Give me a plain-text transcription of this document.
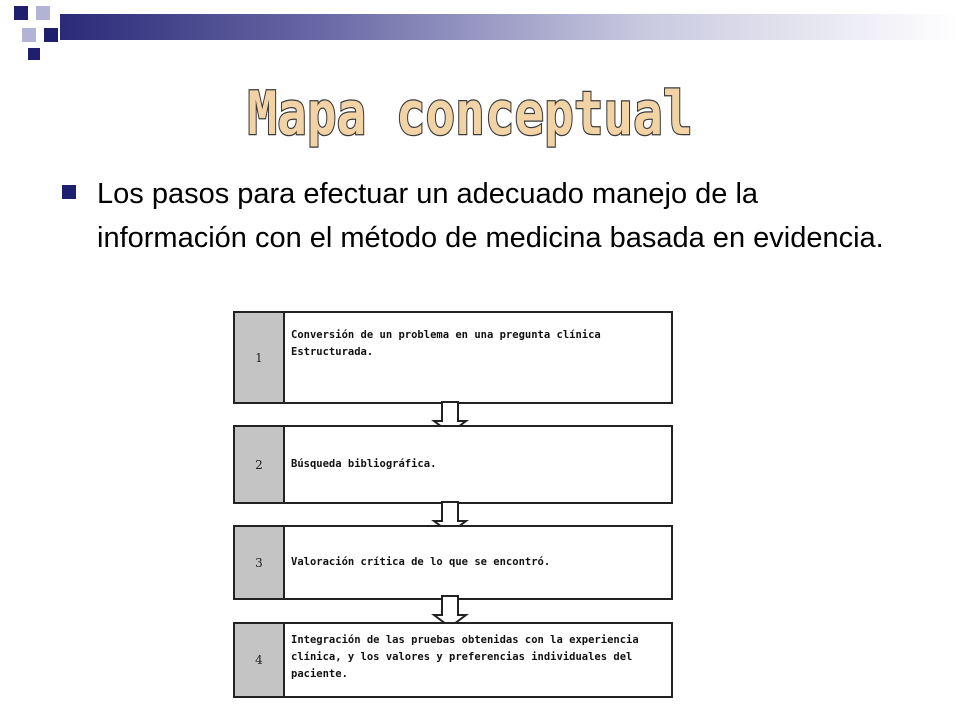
Mapa conceptual
Los pasos para efectuar un adecuado manejo de la información con el método de medicina basada en evidencia.
1
Conversión de un problema en una pregunta clínica Estructurada.
2	Búsqueda bibliográfica.
3	Valoración crítica de lo que se encontró.
4
Integración de las pruebas obtenidas con la experiencia clínica, y los valores y preferencias individuales del paciente.
